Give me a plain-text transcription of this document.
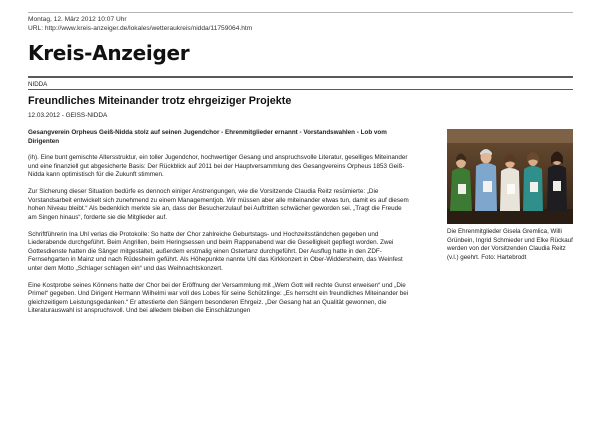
Montag, 12. März 2012 10:07 Uhr
URL: http://www.kreis-anzeiger.de/lokales/wetteraukreis/nidda/11759064.htm
Kreis-Anzeiger
NIDDA
Freundliches Miteinander trotz ehrgeiziger Projekte
12.03.2012 - GEISS-NIDDA

Gesangverein Orpheus Geiß-Nidda stolz auf seinen Jugendchor - Ehrenmitglieder ernannt - Vorstandswahlen - Lob vom Dirigenten

(ih). Eine bunt gemischte Altersstruktur, ein toller Jugendchor, hochwertiger Gesang und anspruchsvolle Literatur, geselliges Miteinander und eine finanziell gut abgesicherte Basis: Der Rückblick auf 2011 bei der Hauptversammlung des Gesangvereins Orpheus 1853 Geiß-Nidda kann optimistisch für die Zukunft stimmen.

Zur Sicherung dieser Situation bedürfe es dennoch einiger Anstrengungen, wie die Vorsitzende Claudia Reitz resümierte: „Die Vorstandsarbeit entwickelt sich zunehmend zu einem Managementjob. Wir müssen aber alle miteinander etwas tun, damit es auf diesem hohen Niveau bleibt.“ Als bedenklich merkte sie an, dass der Besucherzulauf bei Auftritten schwächer geworden sei. „Tragt die Freude am Singen hinaus“, forderte sie die Mitglieder auf.

Schriftführerin Ina Uhl verlas die Protokolle: So hatte der Chor zahlreiche Geburtstags- und Hochzeitsständchen gegeben und Liederabende durchgeführt. Beim Angrillen, beim Heringsessen und beim Rappenabend war die Geselligkeit gepflegt worden. Zwei Gottesdienste hatten die Sänger mitgestaltet, außerdem erstmalig einen Ostertanz durchgeführt. Der Ausflug hatte in den ZDF-Fernsehgarten in Mainz und nach Rüdesheim geführt. Als Höhepunkte nannte Uhl das Kirkkonzert in Ober-Widdersheim, das Weinfest unter dem Motto „Schlager schlagen ein“ und das Weihnachtskonzert.

Eine Kostprobe seines Könnens hatte der Chor bei der Eröffnung der Versammlung mit „Wem Gott will rechte Gunst erweisen“ und „Die Primel“ gegeben. Und Dirigent Hermann Wilhelmi war voll des Lobes für seine Schützlinge: „Es herrscht ein freundliches Miteinander bei gleichzeitigem Leistungsgedanken.“ Er attestierte den Sängern besonderen Ehrgeiz. „Der Gesang hat an Qualität gewonnen, die Literaturauswahl ist anspruchsvoll. Und bei alledem bleiben die Einschätzungen

Die Ehrenmitglieder Gisela Gremlica, Willi Grünbein, Ingrid Schmieder und Elke Rückauf werden von der Vorsitzenden Claudia Reitz (v.l.) geehrt. Foto: Hartebrodt
